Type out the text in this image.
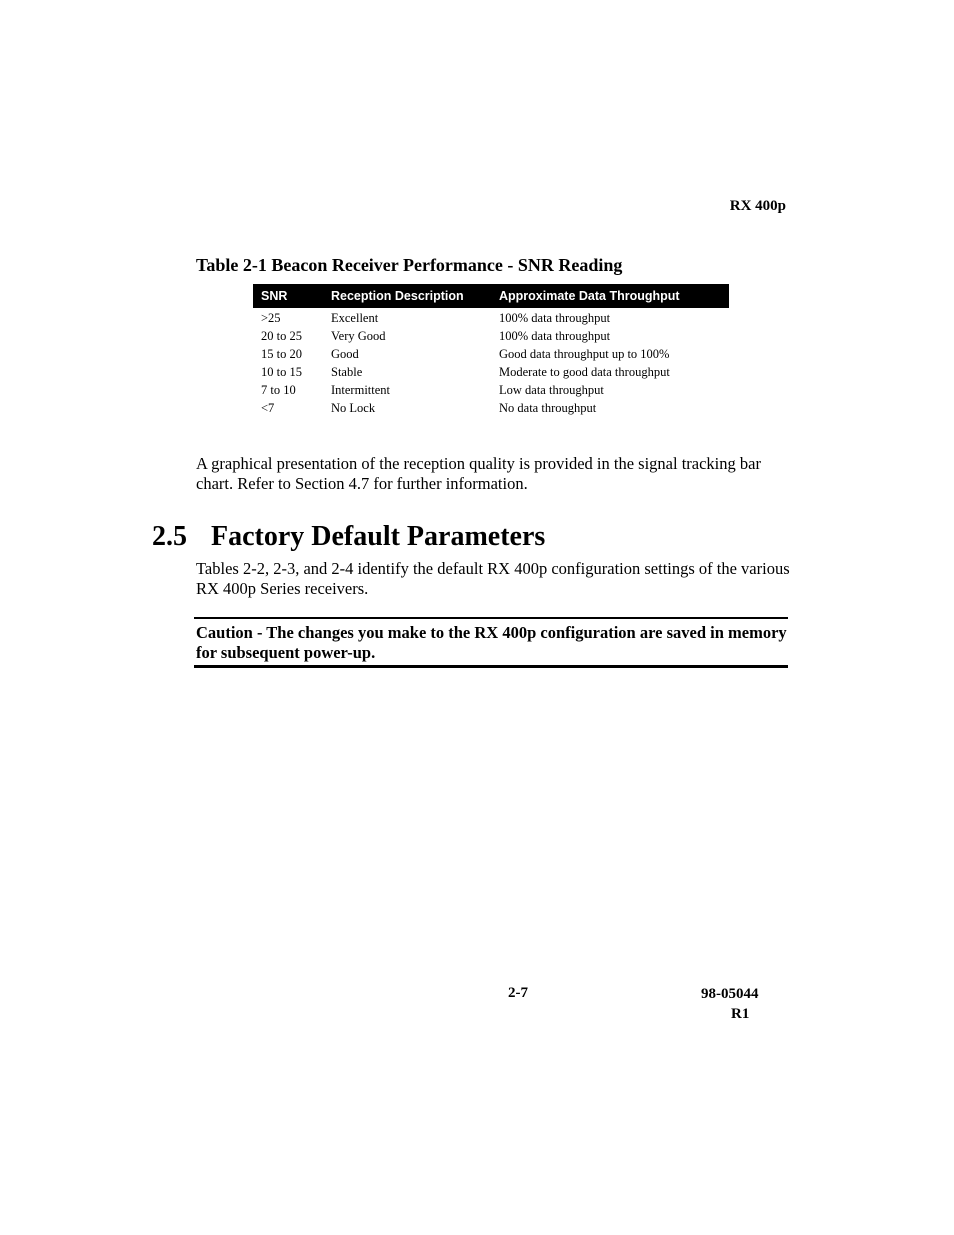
RX 400p
Table 2-1 Beacon Receiver Performance - SNR Reading
SNR	Reception Description	Approximate Data Throughput
>25	Excellent	100% data throughput
20 to 25	Very Good	100% data throughput
15 to 20	Good	Good data throughput up to 100%
10 to 15	Stable	Moderate to good data throughput
7 to 10	Intermittent	Low data throughput
<7	No Lock	No data throughput
A graphical presentation of the reception quality is provided in the signal tracking bar chart. Refer to Section 4.7 for further information.
2.5 Factory Default Parameters
Tables 2-2, 2-3, and 2-4 identify the default RX 400p configuration settings of the various RX 400p Series receivers.
Caution - The changes you make to the RX 400p configuration are saved in memory for subsequent power-up.
2-7	98-05044
R1
